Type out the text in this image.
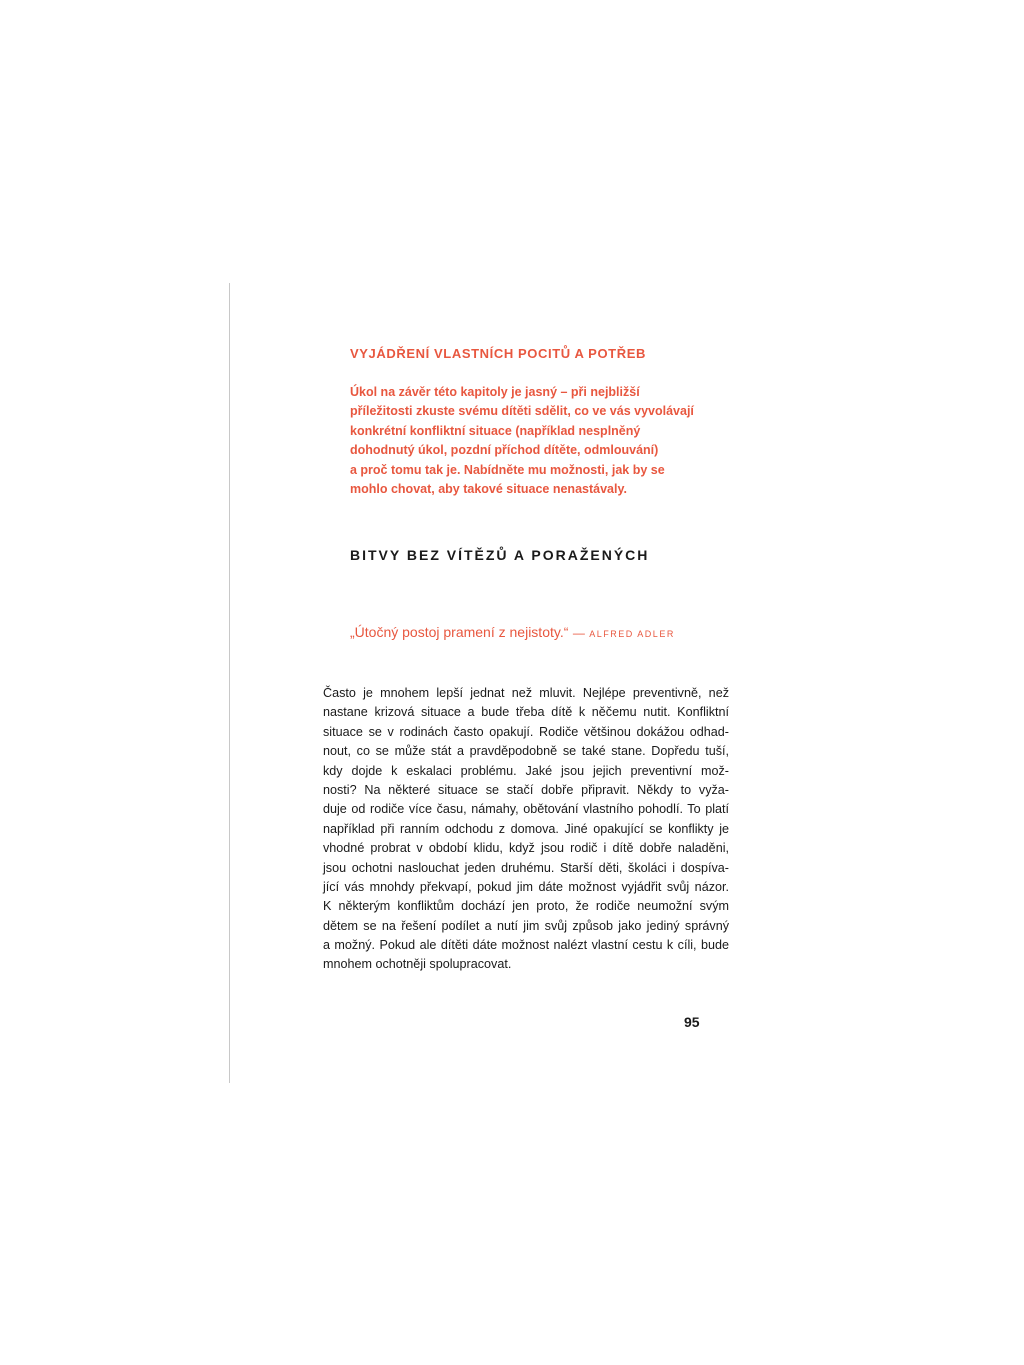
VYJÁDŘENÍ VLASTNÍCH POCITŮ A POTŘEB
Úkol na závěr této kapitoly je jasný – při nejbližší
příležitosti zkuste svému dítěti sdělit, co ve vás vyvolávají
konkrétní konfliktní situace (například nesplněný
dohodnutý úkol, pozdní příchod dítěte, odmlouvání)
a proč tomu tak je. Nabídněte mu možnosti, jak by se
mohlo chovat, aby takové situace nenastávaly.
BITVY BEZ VÍTĚZŮ A PORAŽENÝCH
„Útočný postoj pramení z nejistoty.“ — ALFRED ADLER
Často je mnohem lepší jednat než mluvit. Nejlépe preventivně, než
nastane krizová situace a bude třeba dítě k něčemu nutit. Konfliktní
situace se v rodinách často opakují. Rodiče většinou dokážou odhad-
nout, co se může stát a pravděpodobně se také stane. Dopředu tuší,
kdy dojde k eskalaci problému. Jaké jsou jejich preventivní mož-
nosti? Na některé situace se stačí dobře připravit. Někdy to vyža-
duje od rodiče více času, námahy, obětování vlastního pohodlí. To platí
například při ranním odchodu z domova. Jiné opakující se konflikty je
vhodné probrat v období klidu, když jsou rodič i dítě dobře naladěni,
jsou ochotni naslouchat jeden druhému. Starší děti, školáci i dospíva-
jící vás mnohdy překvapí, pokud jim dáte možnost vyjádřit svůj názor.
K některým konfliktům dochází jen proto, že rodiče neumožní svým
dětem se na řešení podílet a nutí jim svůj způsob jako jediný správný
a možný. Pokud ale dítěti dáte možnost nalézt vlastní cestu k cíli, bude
mnohem ochotněji spolupracovat.
95
